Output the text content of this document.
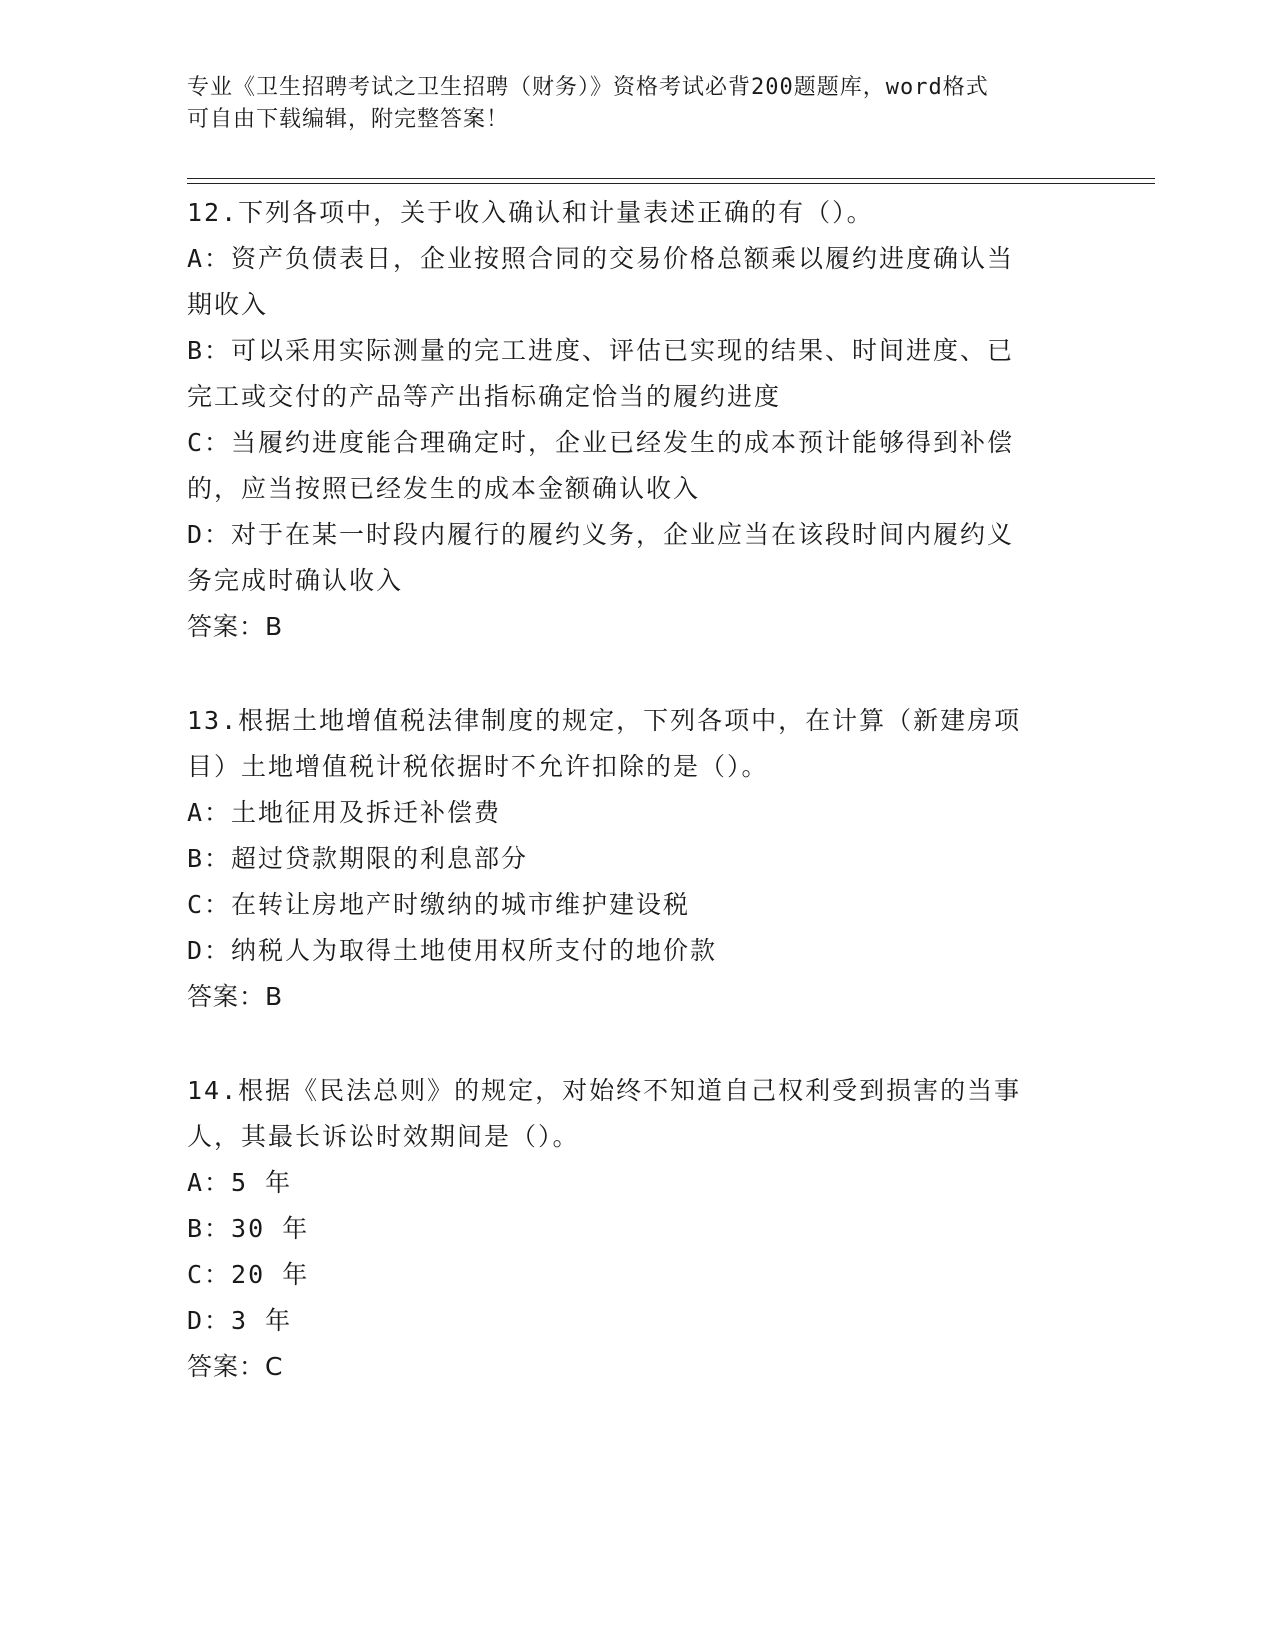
专业《卫生招聘考试之卫生招聘（财务）》资格考试必背200题题库，word格式
可自由下载编辑，附完整答案！
12.下列各项中，关于收入确认和计量表述正确的有（）。
A：资产负债表日，企业按照合同的交易价格总额乘以履约进度确认当
期收入
B：可以采用实际测量的完工进度、评估已实现的结果、时间进度、已
完工或交付的产品等产出指标确定恰当的履约进度
C：当履约进度能合理确定时，企业已经发生的成本预计能够得到补偿
的，应当按照已经发生的成本金额确认收入
D：对于在某一时段内履行的履约义务，企业应当在该段时间内履约义
务完成时确认收入
答案：B
13.根据土地增值税法律制度的规定，下列各项中，在计算（新建房项
目）土地增值税计税依据时不允许扣除的是（）。
A：土地征用及拆迁补偿费
B：超过贷款期限的利息部分
C：在转让房地产时缴纳的城市维护建设税
D：纳税人为取得土地使用权所支付的地价款
答案：B
14.根据《民法总则》的规定，对始终不知道自己权利受到损害的当事
人，其最长诉讼时效期间是（）。
A：5 年
B：30 年
C：20 年
D：3 年
答案：C
